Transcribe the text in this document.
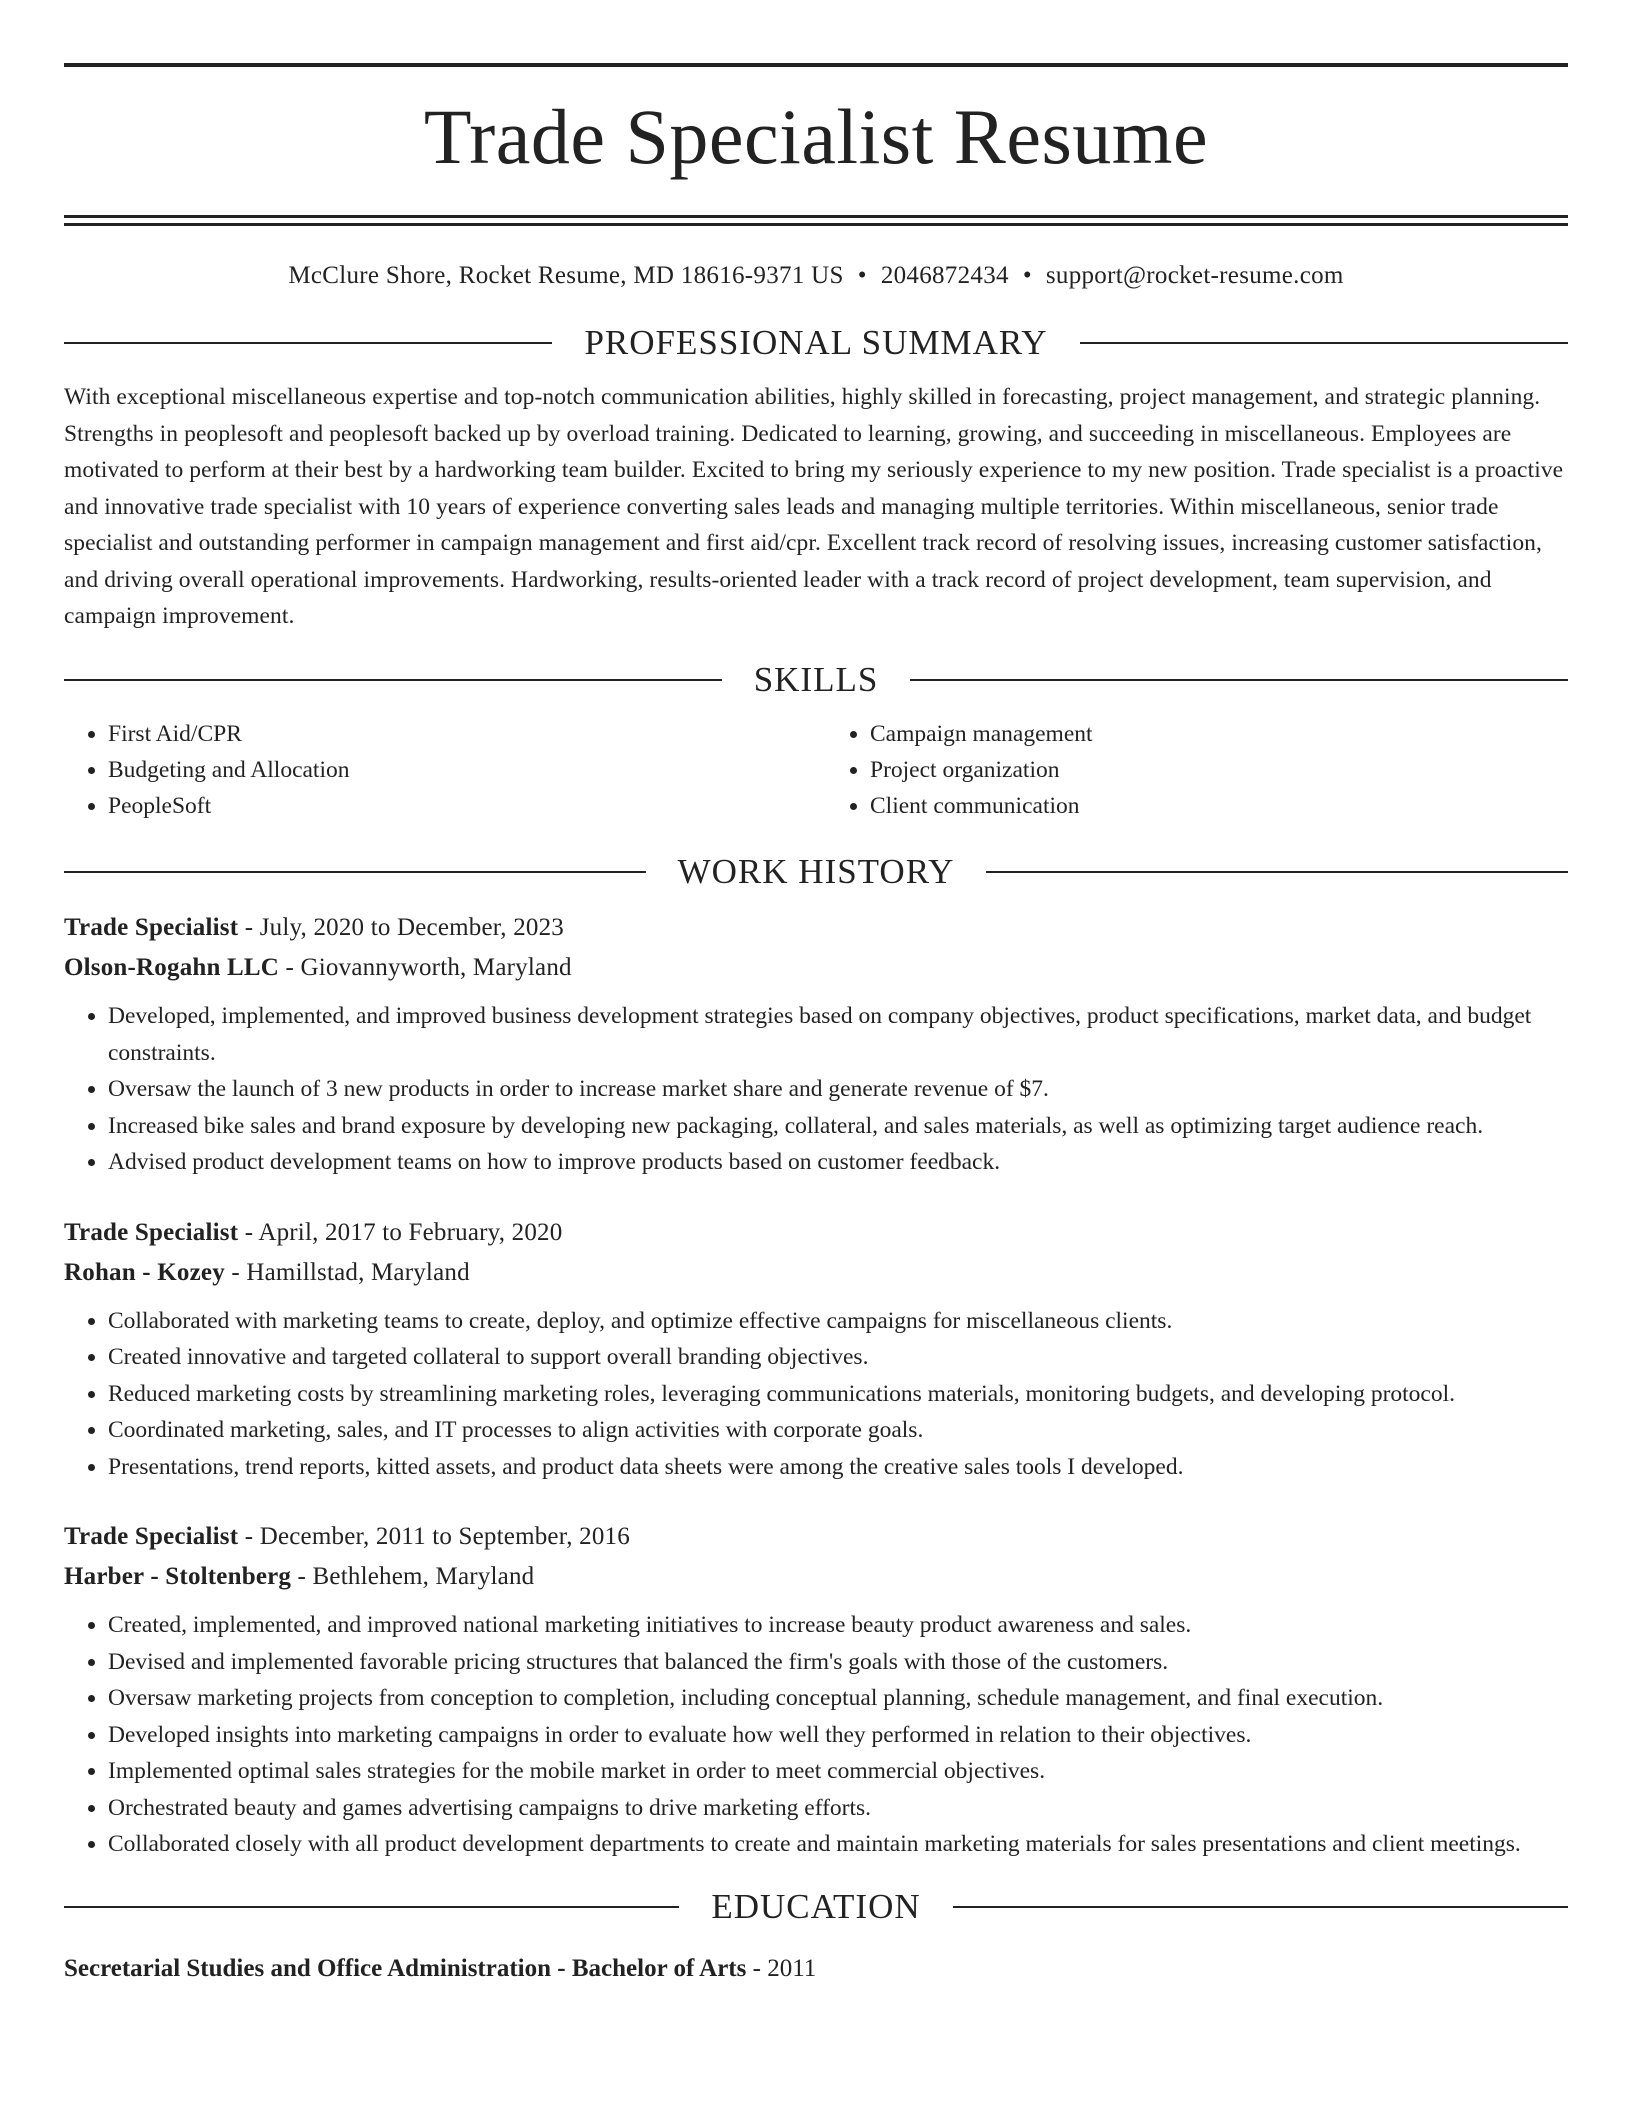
Trade Specialist Resume
McClure Shore, Rocket Resume, MD 18616-9371 US • 2046872434 • support@rocket-resume.com
PROFESSIONAL SUMMARY

With exceptional miscellaneous expertise and top-notch communication abilities, highly skilled in forecasting, project management, and strategic planning. Strengths in peoplesoft and peoplesoft backed up by overload training. Dedicated to learning, growing, and succeeding in miscellaneous. Employees are motivated to perform at their best by a hardworking team builder. Excited to bring my seriously experience to my new position. Trade specialist is a proactive and innovative trade specialist with 10 years of experience converting sales leads and managing multiple territories. Within miscellaneous, senior trade specialist and outstanding performer in campaign management and first aid/cpr. Excellent track record of resolving issues, increasing customer satisfaction, and driving overall operational improvements. Hardworking, results-oriented leader with a track record of project development, team supervision, and campaign improvement.

SKILLS
• First Aid/CPR
• Budgeting and Allocation
• PeopleSoft
• Campaign management
• Project organization
• Client communication
WORK HISTORY
Trade Specialist - July, 2020 to December, 2023
Olson-Rogahn LLC - Giovannyworth, Maryland
• Developed, implemented, and improved business development strategies based on company objectives, product specifications, market data, and budget constraints.
• Oversaw the launch of 3 new products in order to increase market share and generate revenue of $7.
• Increased bike sales and brand exposure by developing new packaging, collateral, and sales materials, as well as optimizing target audience reach.
• Advised product development teams on how to improve products based on customer feedback.
Trade Specialist - April, 2017 to February, 2020
Rohan - Kozey - Hamillstad, Maryland
• Collaborated with marketing teams to create, deploy, and optimize effective campaigns for miscellaneous clients.
• Created innovative and targeted collateral to support overall branding objectives.
• Reduced marketing costs by streamlining marketing roles, leveraging communications materials, monitoring budgets, and developing protocol.
• Coordinated marketing, sales, and IT processes to align activities with corporate goals.
• Presentations, trend reports, kitted assets, and product data sheets were among the creative sales tools I developed.
Trade Specialist - December, 2011 to September, 2016
Harber - Stoltenberg - Bethlehem, Maryland
• Created, implemented, and improved national marketing initiatives to increase beauty product awareness and sales.
• Devised and implemented favorable pricing structures that balanced the firm's goals with those of the customers.
• Oversaw marketing projects from conception to completion, including conceptual planning, schedule management, and final execution.
• Developed insights into marketing campaigns in order to evaluate how well they performed in relation to their objectives.
• Implemented optimal sales strategies for the mobile market in order to meet commercial objectives.
• Orchestrated beauty and games advertising campaigns to drive marketing efforts.
• Collaborated closely with all product development departments to create and maintain marketing materials for sales presentations and client meetings.
EDUCATION
Secretarial Studies and Office Administration - Bachelor of Arts - 2011
